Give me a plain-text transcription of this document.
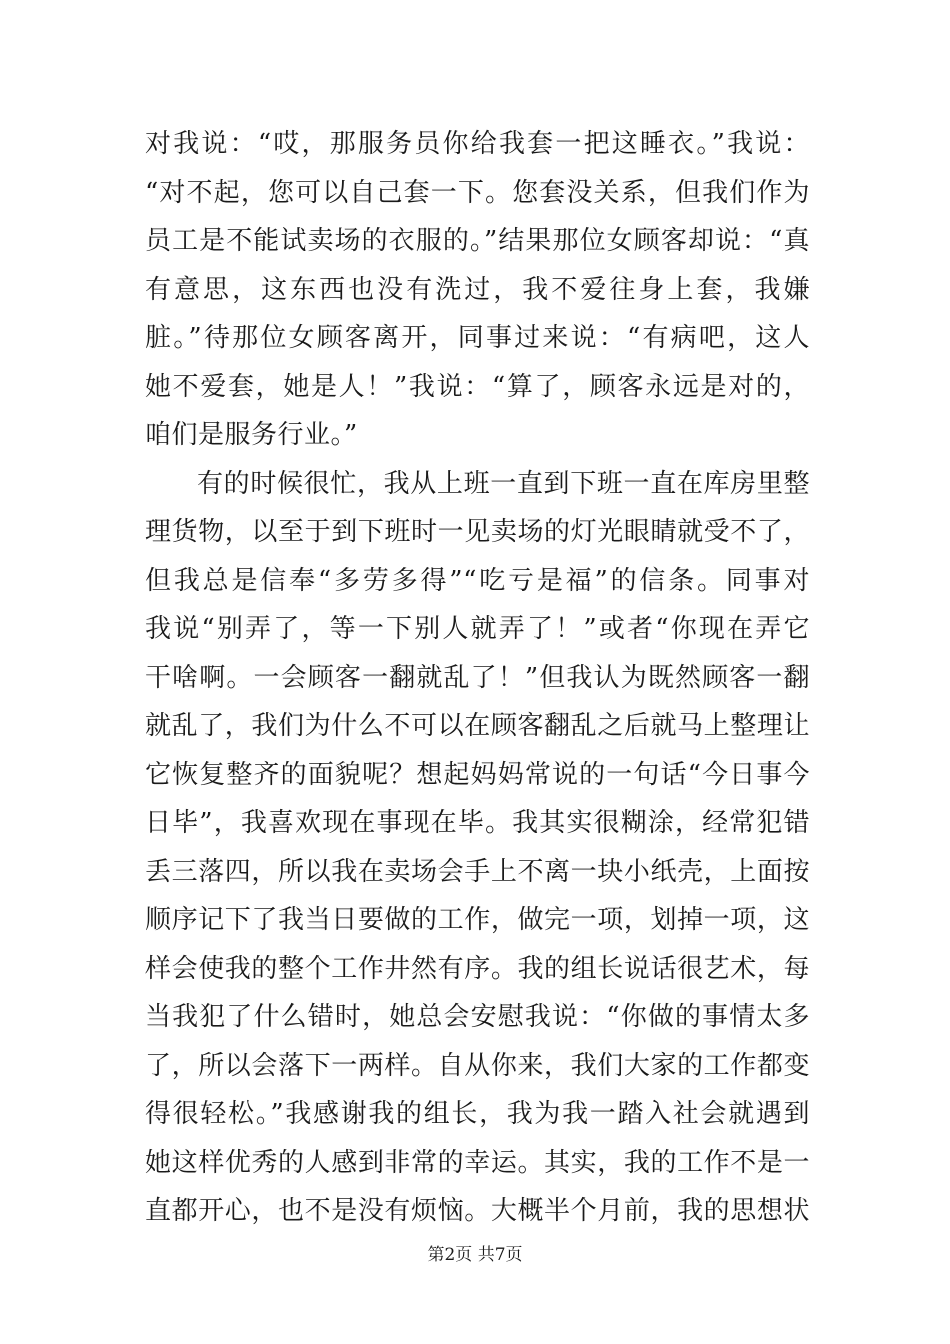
对我说：“哎，那服务员你给我套一把这睡衣。”我说：
“对不起，您可以自己套一下。您套没关系，但我们作为
员工是不能试卖场的衣服的。”结果那位女顾客却说：“真
有意思，这东西也没有洗过，我不爱往身上套，我嫌
脏。”待那位女顾客离开，同事过来说：“有病吧，这人
她不爱套，她是人！”我说：“算了，顾客永远是对的，
咱们是服务行业。”
有的时候很忙，我从上班一直到下班一直在库房里整
理货物，以至于到下班时一见卖场的灯光眼睛就受不了，
但我总是信奉“多劳多得”“吃亏是福”的信条。同事对
我说“别弄了，等一下别人就弄了！”或者“你现在弄它
干啥啊。一会顾客一翻就乱了！”但我认为既然顾客一翻
就乱了，我们为什么不可以在顾客翻乱之后就马上整理让
它恢复整齐的面貌呢？想起妈妈常说的一句话“今日事今
日毕”，我喜欢现在事现在毕。我其实很糊涂，经常犯错
丢三落四，所以我在卖场会手上不离一块小纸壳，上面按
顺序记下了我当日要做的工作，做完一项，划掉一项，这
样会使我的整个工作井然有序。我的组长说话很艺术，每
当我犯了什么错时，她总会安慰我说：“你做的事情太多
了，所以会落下一两样。自从你来，我们大家的工作都变
得很轻松。”我感谢我的组长，我为我一踏入社会就遇到
她这样优秀的人感到非常的幸运。其实，我的工作不是一
直都开心，也不是没有烦恼。大概半个月前，我的思想状
第2页 共7页
